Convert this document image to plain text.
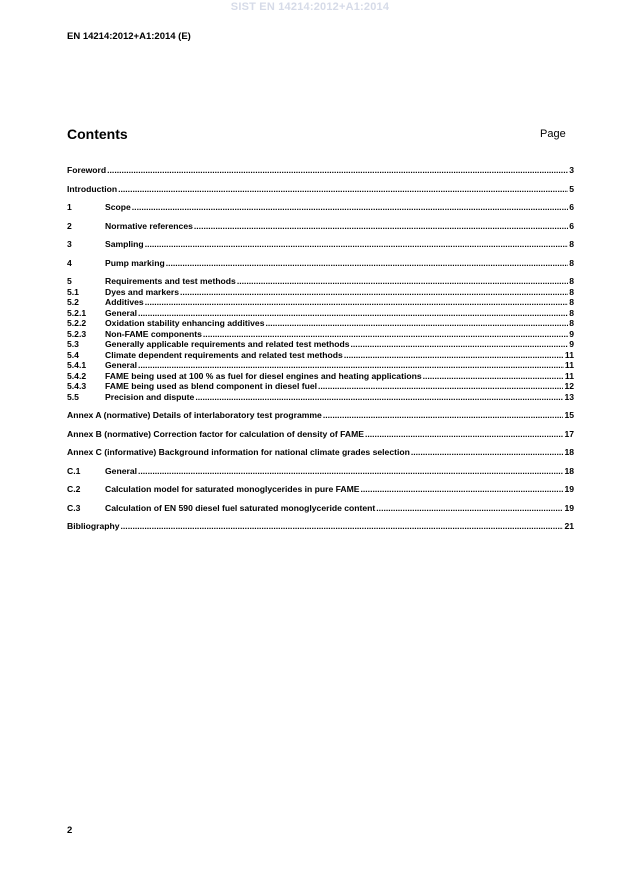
SIST EN 14214:2012+A1:2014
EN 14214:2012+A1:2014 (E)
Contents	Page
Foreword .....	3
Introduction .....	5
1	Scope .....	6
2	Normative references .....	6
3	Sampling .....	8
4	Pump marking .....	8
5	Requirements and test methods .....	8
5.1	Dyes and markers .....	8
5.2	Additives .....	8
5.2.1	General .....	8
5.2.2	Oxidation stability enhancing additives .....	8
5.2.3	Non-FAME components .....	9
5.3	Generally applicable requirements and related test methods .....	9
5.4	Climate dependent requirements and related test methods .....	11
5.4.1	General .....	11
5.4.2	FAME being used at 100 % as fuel for diesel engines and heating applications .....	11
5.4.3	FAME being used as blend component in diesel fuel .....	12
5.5	Precision and dispute .....	13
Annex A (normative) Details of interlaboratory test programme .....	15
Annex B (normative) Correction factor for calculation of density of FAME .....	17
Annex C (informative) Background information for national climate grades selection .....	18
C.1	General .....	18
C.2	Calculation model for saturated monoglycerides in pure FAME .....	19
C.3	Calculation of EN 590 diesel fuel saturated monoglyceride content .....	19
Bibliography .....	21
2
